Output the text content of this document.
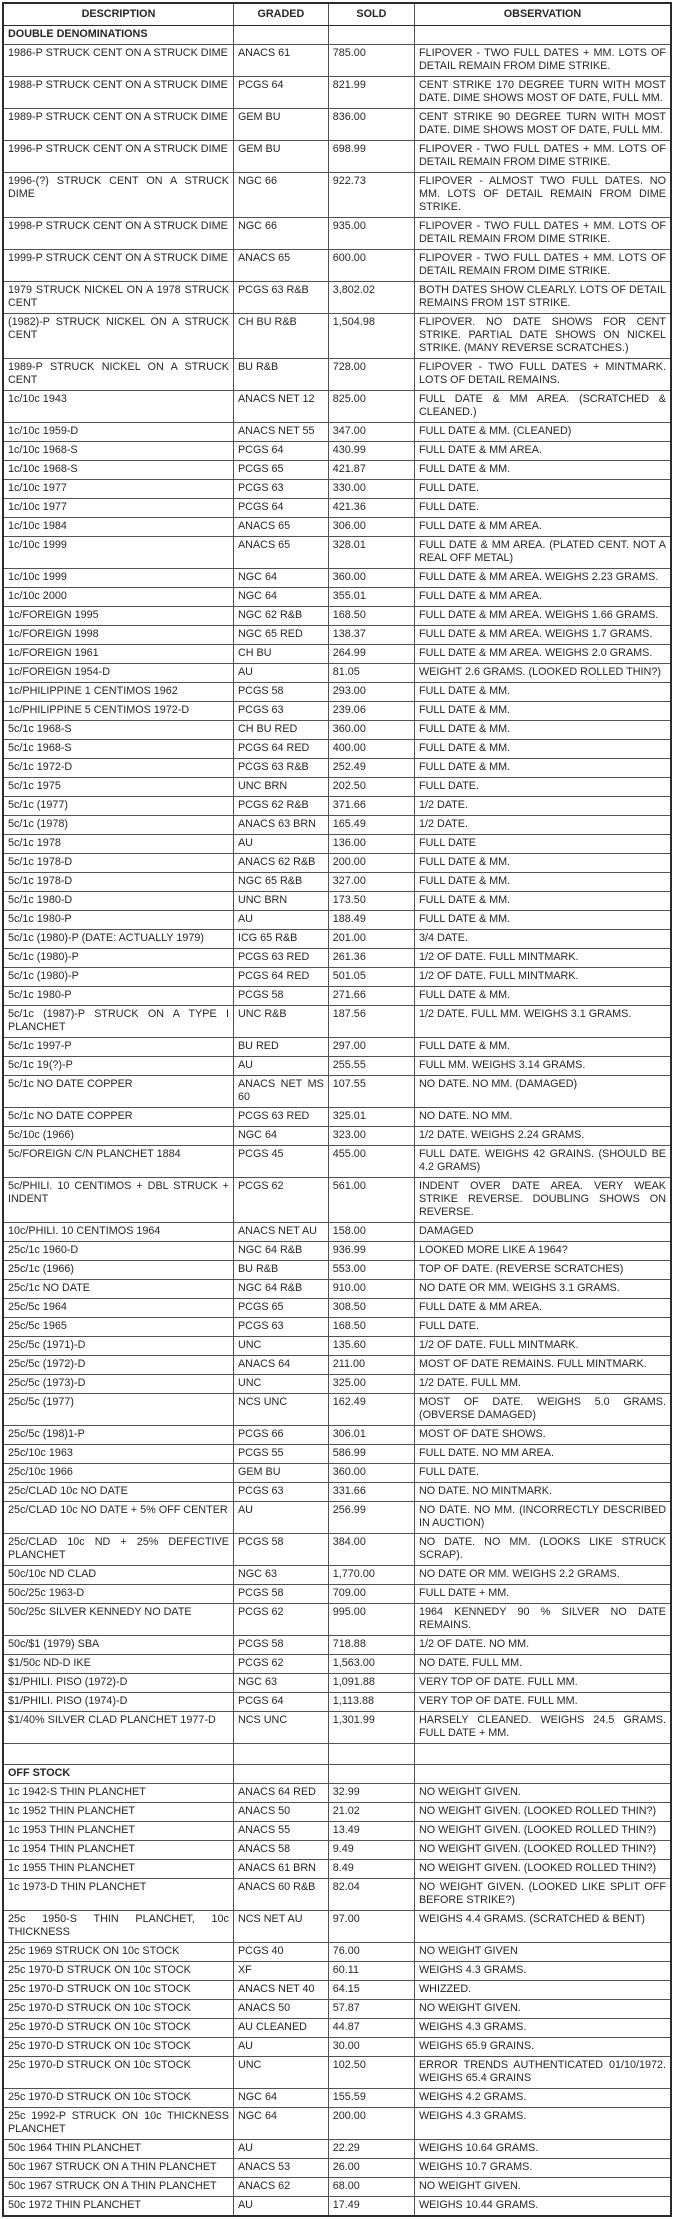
DESCRIPTION	GRADED	SOLD	OBSERVATION
DOUBLE DENOMINATIONS			
1986-P STRUCK CENT ON A STRUCK DIME	ANACS 61	785.00	FLIPOVER - TWO FULL DATES + MM. LOTS OF DETAIL REMAIN FROM DIME STRIKE.
1988-P STRUCK CENT ON A STRUCK DIME	PCGS 64	821.99	CENT STRIKE 170 DEGREE TURN WITH MOST DATE. DIME SHOWS MOST OF DATE, FULL MM.
1989-P STRUCK CENT ON A STRUCK DIME	GEM BU	836.00	CENT STRIKE 90 DEGREE TURN WITH MOST DATE. DIME SHOWS MOST OF DATE, FULL MM.
1996-P STRUCK CENT ON A STRUCK DIME	GEM BU	698.99	FLIPOVER - TWO FULL DATES + MM. LOTS OF DETAIL REMAIN FROM DIME STRIKE.
1996-(?) STRUCK CENT ON A STRUCK DIME	NGC 66	922.73	FLIPOVER - ALMOST TWO FULL DATES. NO MM. LOTS OF DETAIL REMAIN FROM DIME STRIKE.
1998-P STRUCK CENT ON A STRUCK DIME	NGC 66	935.00	FLIPOVER - TWO FULL DATES + MM. LOTS OF DETAIL REMAIN FROM DIME STRIKE.
1999-P STRUCK CENT ON A STRUCK DIME	ANACS 65	600.00	FLIPOVER - TWO FULL DATES + MM. LOTS OF DETAIL REMAIN FROM DIME STRIKE.
1979 STRUCK NICKEL ON A 1978 STRUCK CENT	PCGS 63 R&B	3,802.02	BOTH DATES SHOW CLEARLY. LOTS OF DETAIL REMAINS FROM 1ST STRIKE.
(1982)-P STRUCK NICKEL ON A STRUCK CENT	CH BU R&B	1,504.98	FLIPOVER. NO DATE SHOWS FOR CENT STRIKE. PARTIAL DATE SHOWS ON NICKEL STRIKE. (MANY REVERSE SCRATCHES.)
1989-P STRUCK NICKEL ON A STRUCK CENT	BU R&B	728.00	FLIPOVER - TWO FULL DATES + MINTMARK. LOTS OF DETAIL REMAINS.
1c/10c 1943	ANACS NET 12	825.00	FULL DATE & MM AREA. (SCRATCHED & CLEANED.)
1c/10c 1959-D	ANACS NET 55	347.00	FULL DATE & MM. (CLEANED)
1c/10c 1968-S	PCGS 64	430.99	FULL DATE & MM AREA.
1c/10c 1968-S	PCGS 65	421.87	FULL DATE & MM.
1c/10c 1977	PCGS 63	330.00	FULL DATE.
1c/10c 1977	PCGS 64	421.36	FULL DATE.
1c/10c 1984	ANACS 65	306.00	FULL DATE & MM AREA.
1c/10c 1999	ANACS 65	328.01	FULL DATE & MM AREA. (PLATED CENT. NOT A REAL OFF METAL)
1c/10c 1999	NGC 64	360.00	FULL DATE & MM AREA. WEIGHS 2.23 GRAMS.
1c/10c 2000	NGC 64	355.01	FULL DATE & MM AREA.
1c/FOREIGN 1995	NGC 62 R&B	168.50	FULL DATE & MM AREA. WEIGHS 1.66 GRAMS.
1c/FOREIGN 1998	NGC 65 RED	138.37	FULL DATE & MM AREA. WEIGHS 1.7 GRAMS.
1c/FOREIGN 1961	CH BU	264.99	FULL DATE & MM AREA. WEIGHS 2.0 GRAMS.
1c/FOREIGN 1954-D	AU	81.05	WEIGHT 2.6 GRAMS. (LOOKED ROLLED THIN?)
1c/PHILIPPINE 1 CENTIMOS 1962	PCGS 58	293.00	FULL DATE & MM.
1c/PHILIPPINE 5 CENTIMOS 1972-D	PCGS 63	239.06	FULL DATE & MM.
5c/1c 1968-S	CH BU RED	360.00	FULL DATE & MM.
5c/1c 1968-S	PCGS 64 RED	400.00	FULL DATE & MM.
5c/1c 1972-D	PCGS 63 R&B	252.49	FULL DATE & MM.
5c/1c 1975	UNC BRN	202.50	FULL DATE.
5c/1c (1977)	PCGS 62 R&B	371.66	1/2 DATE.
5c/1c (1978)	ANACS 63 BRN	165.49	1/2 DATE.
5c/1c 1978	AU	136.00	FULL DATE
5c/1c 1978-D	ANACS 62 R&B	200.00	FULL DATE & MM.
5c/1c 1978-D	NGC 65 R&B	327.00	FULL DATE & MM.
5c/1c 1980-D	UNC BRN	173.50	FULL DATE & MM.
5c/1c 1980-P	AU	188.49	FULL DATE & MM.
5c/1c (1980)-P (DATE: ACTUALLY 1979)	ICG 65 R&B	201.00	3/4 DATE.
5c/1c (1980)-P	PCGS 63 RED	261.36	1/2 OF DATE. FULL MINTMARK.
5c/1c (1980)-P	PCGS 64 RED	501.05	1/2 OF DATE. FULL MINTMARK.
5c/1c 1980-P	PCGS 58	271.66	FULL DATE & MM.
5c/1c (1987)-P STRUCK ON A TYPE I PLANCHET	UNC R&B	187.56	1/2 DATE. FULL MM. WEIGHS 3.1 GRAMS.
5c/1c 1997-P	BU RED	297.00	FULL DATE & MM.
5c/1c 19(?)-P	AU	255.55	FULL MM. WEIGHS 3.14 GRAMS.
5c/1c NO DATE COPPER	ANACS NET MS 60	107.55	NO DATE. NO MM. (DAMAGED)
5c/1c NO DATE COPPER	PCGS 63 RED	325.01	NO DATE. NO MM.
5c/10c (1966)	NGC 64	323.00	1/2 DATE. WEIGHS 2.24 GRAMS.
5c/FOREIGN C/N PLANCHET 1884	PCGS 45	455.00	FULL DATE. WEIGHS 42 GRAINS. (SHOULD BE 4.2 GRAMS)
5c/PHILI. 10 CENTIMOS + DBL STRUCK + INDENT	PCGS 62	561.00	INDENT OVER DATE AREA. VERY WEAK STRIKE REVERSE. DOUBLING SHOWS ON REVERSE.
10c/PHILI. 10 CENTIMOS 1964	ANACS NET AU	158.00	DAMAGED
25c/1c 1960-D	NGC 64 R&B	936.99	LOOKED MORE LIKE A 1964?
25c/1c (1966)	BU R&B	553.00	TOP OF DATE. (REVERSE SCRATCHES)
25c/1c NO DATE	NGC 64 R&B	910.00	NO DATE OR MM. WEIGHS 3.1 GRAMS.
25c/5c 1964	PCGS 65	308.50	FULL DATE & MM AREA.
25c/5c 1965	PCGS 63	168.50	FULL DATE.
25c/5c (1971)-D	UNC	135.60	1/2 OF DATE. FULL MINTMARK.
25c/5c (1972)-D	ANACS 64	211.00	MOST OF DATE REMAINS. FULL MINTMARK.
25c/5c (1973)-D	UNC	325.00	1/2 DATE. FULL MM.
25c/5c (1977)	NCS UNC	162.49	MOST OF DATE. WEIGHS 5.0 GRAMS. (OBVERSE DAMAGED)
25c/5c (198)1-P	PCGS 66	306.01	MOST OF DATE SHOWS.
25c/10c 1963	PCGS 55	586.99	FULL DATE. NO MM AREA.
25c/10c 1966	GEM BU	360.00	FULL DATE.
25c/CLAD 10c NO DATE	PCGS 63	331.66	NO DATE. NO MINTMARK.
25c/CLAD 10c NO DATE + 5% OFF CENTER	AU	256.99	NO DATE. NO MM. (INCORRECTLY DESCRIBED IN AUCTION)
25c/CLAD 10c ND + 25% DEFECTIVE PLANCHET	PCGS 58	384.00	NO DATE. NO MM. (LOOKS LIKE STRUCK SCRAP).
50c/10c ND CLAD	NGC 63	1,770.00	NO DATE OR MM. WEIGHS 2.2 GRAMS.
50c/25c 1963-D	PCGS 58	709.00	FULL DATE + MM.
50c/25c SILVER KENNEDY NO DATE	PCGS 62	995.00	1964 KENNEDY 90 % SILVER NO DATE REMAINS.
50c/$1 (1979) SBA	PCGS 58	718.88	1/2 OF DATE. NO MM.
$1/50c ND-D IKE	PCGS 62	1,563.00	NO DATE. FULL MM.
$1/PHILI. PISO (1972)-D	NGC 63	1,091.88	VERY TOP OF DATE. FULL MM.
$1/PHILI. PISO (1974)-D	PCGS 64	1,113.88	VERY TOP OF DATE. FULL MM.
$1/40% SILVER CLAD PLANCHET 1977-D	NCS UNC	1,301.99	HARSELY CLEANED. WEIGHS 24.5 GRAMS. FULL DATE + MM.

OFF STOCK			
1c 1942-S THIN PLANCHET	ANACS 64 RED	32.99	NO WEIGHT GIVEN.
1c 1952 THIN PLANCHET	ANACS 50	21.02	NO WEIGHT GIVEN. (LOOKED ROLLED THIN?)
1c 1953 THIN PLANCHET	ANACS 55	13.49	NO WEIGHT GIVEN. (LOOKED ROLLED THIN?)
1c 1954 THIN PLANCHET	ANACS 58	9.49	NO WEIGHT GIVEN. (LOOKED ROLLED THIN?)
1c 1955 THIN PLANCHET	ANACS 61 BRN	8.49	NO WEIGHT GIVEN. (LOOKED ROLLED THIN?)
1c 1973-D THIN PLANCHET	ANACS 60 R&B	82.04	NO WEIGHT GIVEN. (LOOKED LIKE SPLIT OFF BEFORE STRIKE?)
25c 1950-S THIN PLANCHET, 10c THICKNESS	NCS NET AU	97.00	WEIGHS 4.4 GRAMS. (SCRATCHED & BENT)
25c 1969 STRUCK ON 10c STOCK	PCGS 40	76.00	NO WEIGHT GIVEN
25c 1970-D STRUCK ON 10c STOCK	XF	60.11	WEIGHS 4.3 GRAMS.
25c 1970-D STRUCK ON 10c STOCK	ANACS NET 40	64.15	WHIZZED.
25c 1970-D STRUCK ON 10c STOCK	ANACS 50	57.87	NO WEIGHT GIVEN.
25c 1970-D STRUCK ON 10c STOCK	AU CLEANED	44.87	WEIGHS 4.3 GRAMS.
25c 1970-D STRUCK ON 10c STOCK	AU	30.00	WEIGHS 65.9 GRAINS.
25c 1970-D STRUCK ON 10c STOCK	UNC	102.50	ERROR TRENDS AUTHENTICATED 01/10/1972. WEIGHS 65.4 GRAINS
25c 1970-D STRUCK ON 10c STOCK	NGC 64	155.59	WEIGHS 4.2 GRAMS.
25c 1992-P STRUCK ON 10c THICKNESS PLANCHET	NGC 64	200.00	WEIGHS 4.3 GRAMS.
50c 1964 THIN PLANCHET	AU	22.29	WEIGHS 10.64 GRAMS.
50c 1967 STRUCK ON A THIN PLANCHET	ANACS 53	26.00	WEIGHS 10.7 GRAMS.
50c 1967 STRUCK ON A THIN PLANCHET	ANACS 62	68.00	NO WEIGHT GIVEN.
50c 1972 THIN PLANCHET	AU	17.49	WEIGHS 10.44 GRAMS.
